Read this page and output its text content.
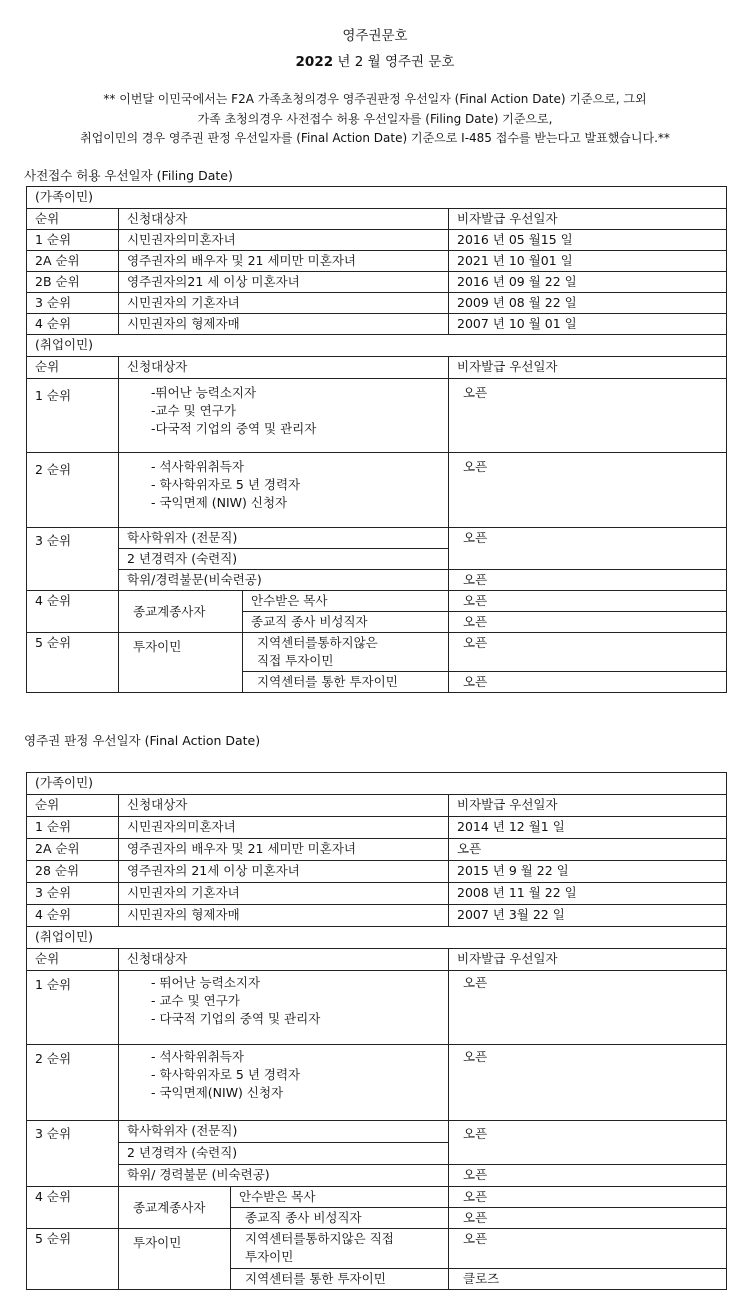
영주권문호
2022 년 2 월 영주권 문호
** 이번달 이민국에서는 F2A 가족초청의경우 영주권판정 우선일자 (Final Action Date) 기준으로, 그외
가족 초청의경우 사전접수 허용 우선일자를 (Filing Date) 기준으로,
취업이민의 경우 영주권 판정 우선일자를 (Final Action Date) 기준으로 I-485 접수를 받는다고 발표했습니다.**
사전접수 허용 우선일자 (Filing Date)
(가족이민)			
순위	신청대상자		비자발급 우선일자
1 순위	시민권자의미혼자녀		2016 년 05 월15 일
2A 순위	영주권자의 배우자 및 21 세미만 미혼자녀		2021 년 10 월01 일
2B 순위	영주권자의21 세 이상 미혼자녀		2016 년 09 월 22 일
3 순위	시민권자의 기혼자녀		2009 년 08 월 22 일
4 순위	시민권자의 형제자매		2007 년 10 월 01 일
(취업이민)			
순위	신청대상자		비자발급 우선일자
1 순위	-뛰어난 능력소지자
-교수 및 연구가
-다국적 기업의 중역 및 관리자		오픈
2 순위	- 석사학위취득자
- 학사학위자로 5 년 경력자
- 국익면제 (NIW) 신청자		오픈
3 순위	학사학위자 (전문직)		오픈
	2 년경력자 (숙련직)		
	학위/경력불문(비숙련공)		오픈
4 순위	종교계종사자	안수받은 목사	오픈
		종교직 종사 비성직자	오픈
5 순위	투자이민	지역센터를통하지않은
직접 투자이민	오픈
		지역센터를 통한 투자이민	오픈
영주권 판정 우선일자 (Final Action Date)
(가족이민)			
순위	신청대상자		비자발급 우선일자
1 순위	시민권자의미혼자녀		2014 년 12 월1 일
2A 순위	영주권자의 배우자 및 21 세미만 미혼자녀		오픈
28 순위	영주권자의 21세 이상 미혼자녀		2015 년 9 월 22 일
3 순위	시민권자의 기혼자녀		2008 년 11 월 22 일
4 순위	시민권자의 형제자매		2007 년 3월 22 일
(취업이민)			
순위	신청대상자		비자발급 우선일자
1 순위	- 뛰어난 능력소지자
- 교수 및 연구가
- 다국적 기업의 중역 및 관리자		오픈
2 순위	- 석사학위취득자
- 학사학위자로 5 년 경력자
- 국익면제(NIW) 신청자		오픈
3 순위	학사학위자 (전문직)		오픈
	2 년경력자 (숙련직)		
	학위/ 경력불문 (비숙련공)		오픈
4 순위	종교계종사자	안수받은 목사	오픈
		종교직 종사 비성직자	오픈
5 순위	투자이민	지역센터를통하지않은 직접
투자이민	오픈
		지역센터를 통한 투자이민	클로즈
